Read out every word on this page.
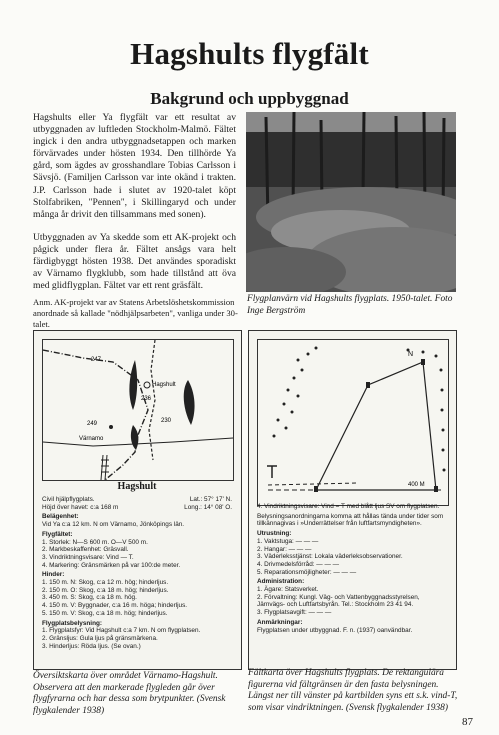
Hagshults flygfält
Bakgrund och uppbyggnad

Hagshults eller Ya flygfält var ett resultat av utbyggnaden av luftleden Stockholm-Malmö. Fältet ingick i den andra utbyggnadsetappen och marken förvärvades under hösten 1934. Den tillhörde Ya gård, som ägdes av grosshandlare Tobias Carlsson i Sävsjö. (Familjen Carlsson var inte okänd i trakten. J.P. Carlsson hade i slutet av 1920-talet köpt Stolfabriken, "Pennen", i Skillingaryd och under många år drivit den tillsammans med sonen).

Utbyggnaden av Ya skedde som ett AK-projekt och pågick under flera år. Fältet ansågs vara helt färdigbyggt hösten 1938. Det användes sporadiskt av Värnamo flygklubb, som hade tillstånd att öva med glidflygplan. Fältet var ett rent gräsfält.

Anm. AK-projekt var av Statens Arbetslöshetskommission anordnade så kallade "nödhjälpsarbeten", vanliga under 30-talet.
Flygplanvärn vid Hagshults flygplats. 1950-talet. Foto Inge Bergström
247
Hagshult
236
249	230
Värnamo
Hagshult
Civil hjälpflygplats.	Lat.: 57° 17' N.
Höjd över havet: c:a 168 m	Long.: 14° 08' O.
Belägenhet:
Vid Ya c:a 12 km. N om Värnamo, Jönköpings län.
Flygfältet:
1. Storlek: N—S 600 m. O—V 500 m.
2. Markbeskaffenhet: Gräsvall.
3. Vindriktningsvisare: Vind — T.
4. Markering: Gränsmärken på var 100:de meter.
Hinder:
1. 150 m. N: Skog, c:a 12 m. hög; hinderljus.
2. 150 m. O: Skog, c:a 18 m. hög; hinderljus.
3. 450 m. S: Skog, c:a 18 m. hög.
4. 150 m. V: Byggnader, c:a 16 m. höga; hinderljus.
5. 150 m. V: Skog, c:a 18 m. hög; hinderljus.
Flygplatsbelysning:
1. Flygplatsfyr: Vid Hagshult c:a 7 km. N om flygplatsen.
2. Gränsljus: Gula ljus på gränsmärkena.
3. Hinderljus: Röda ljus. (Se ovan.)
N
400 M
4. Vindriktningsvisare: Vind = T med blått ljus SV om flygplatsen.
Belysningsanordningarna komma att hållas tända under tider som tillkännagivas i »Underrättelser från luftfartsmyndigheten».
Utrustning:
1. Vaktstuga: — — —
2. Hangar: — — —
3. Väderleksstjänst: Lokala väderleksobservationer.
4. Drivmedelsförråd: — — —
5. Reparationsmöjligheter: — — —
Administration:
1. Ägare: Statsverket.
2. Förvaltning: Kungl. Väg- och Vattenbyggnadsstyrelsen, Järnvägs- och Luftfartsbyrån. Tel.: Stockholm 23 41 94.
3. Flygplatsavgift: — — —
Anmärkningar:
Flygplatsen under utbyggnad. F. n. (1937) oanvändbar.
Översiktskarta över området Värnamo-Hagshult. Observera att den markerade flygleden går över flygfyrarna och har dessa som brytpunkter. (Svensk flygkalender 1938)
Fältkarta över Hagshults flygplats. De rektangulära figurerna vid fältgränsen är den fasta belysningen. Längst ner till vänster på kartbilden syns ett s.k. vind-T, som visar vindriktningen. (Svensk flygkalender 1938)
87
